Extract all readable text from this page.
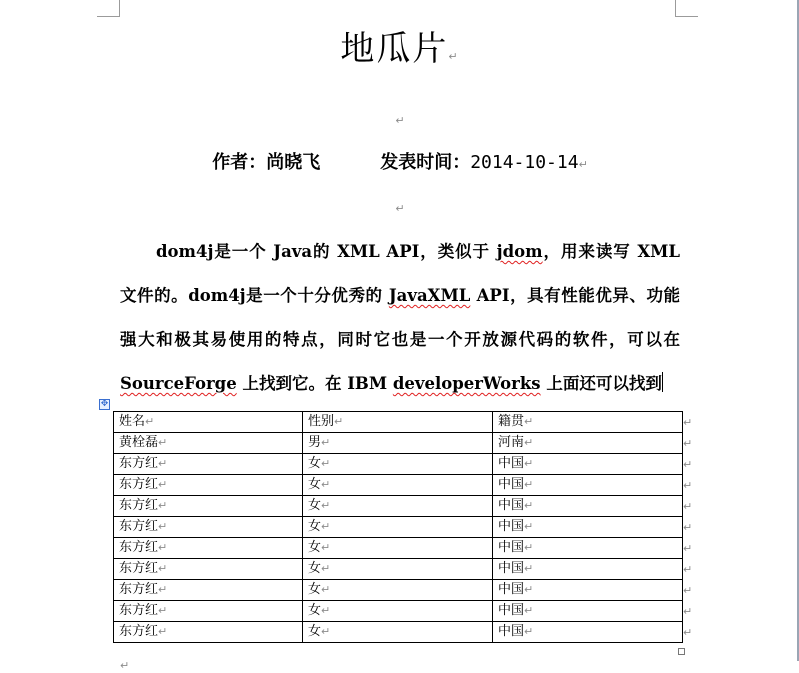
地瓜片↵
↵
作者：尚晓飞	发表时间：2014-10-14↵
↵
dom4j是一个 Java的 XML API，类似于 jdom，用来读写 XML 文件的。dom4j是一个十分优秀的 JavaXML API，具有性能优异、功能强大和极其易使用的特点，同时它也是一个开放源代码的软件，可以在 SourceForge 上找到它。在 IBM developerWorks 上面还可以找到
✥
姓名↵	性别↵	籍贯↵
黄栓磊↵	男↵	河南↵
东方红↵	女↵	中国↵
东方红↵	女↵	中国↵
东方红↵	女↵	中国↵
东方红↵	女↵	中国↵
东方红↵	女↵	中国↵
东方红↵	女↵	中国↵
东方红↵	女↵	中国↵
东方红↵	女↵	中国↵
东方红↵	女↵	中国↵
↵
↵
↵
↵
↵
↵
↵
↵
↵
↵
↵
↵
